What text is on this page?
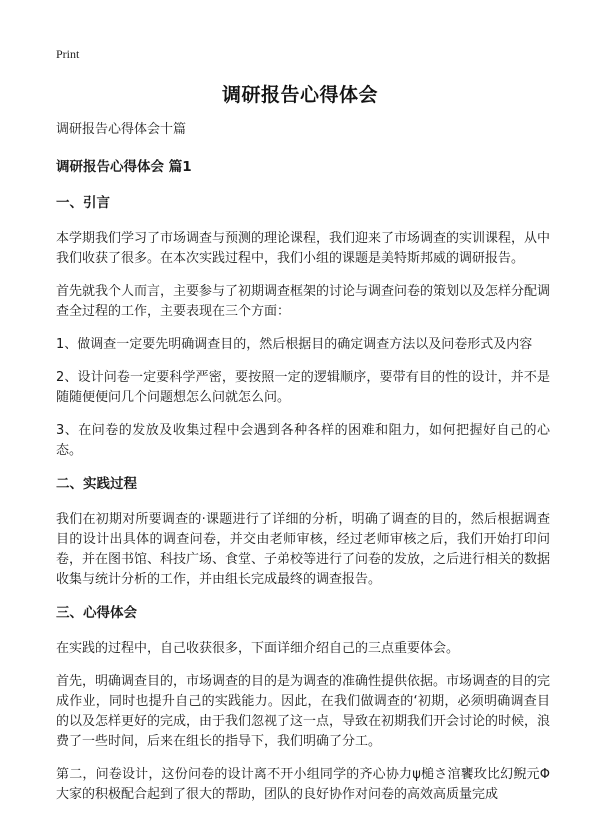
Print
调研报告心得体会

调研报告心得体会十篇

调研报告心得体会 篇1

一、引言

本学期我们学习了市场调查与预测的理论课程，我们迎来了市场调查的实训课程，从中我们收获了很多。在本次实践过程中，我们小组的课题是美特斯邦威的调研报告。

首先就我个人而言，主要参与了初期调查框架的讨论与调查问卷的策划以及怎样分配调查全过程的工作，主要表现在三个方面：

1、做调查一定要先明确调查目的，然后根据目的确定调查方法以及问卷形式及内容

2、设计问卷一定要科学严密，要按照一定的逻辑顺序，要带有目的性的设计，并不是随随便便问几个问题想怎么问就怎么问。

3、在问卷的发放及收集过程中会遇到各种各样的困难和阻力，如何把握好自己的心态。

二、实践过程

我们在初期对所要调查的·课题进行了详细的分析，明确了调查的目的，然后根据调查目的设计出具体的调查问卷，并交由老师审核，经过老师审核之后，我们开始打印问卷，并在图书馆、科技广场、食堂、子弟校等进行了问卷的发放，之后进行相关的数据收集与统计分析的工作，并由组长完成最终的调查报告。

三、心得体会

在实践的过程中，自己收获很多，下面详细介绍自己的三点重要体会。

首先，明确调查目的，市场调查的目的是为调查的准确性提供依据。市场调查的目的完成作业，同时也提升自己的实践能力。因此，在我们做调查的‘初期，必须明确调查目的以及怎样更好的完成，由于我们忽视了这一点，导致在初期我们开会讨论的时候，浪费了一些时间，后来在组长的指导下，我们明确了分工。

第二，问卷设计，这份问卷的设计离不开小组同学的齐心协力ψ槌さ涫饔玫比幻鲵元Φ大家的积极配合起到了很大的帮助，团队的良好协作对问卷的高效高质量完成
